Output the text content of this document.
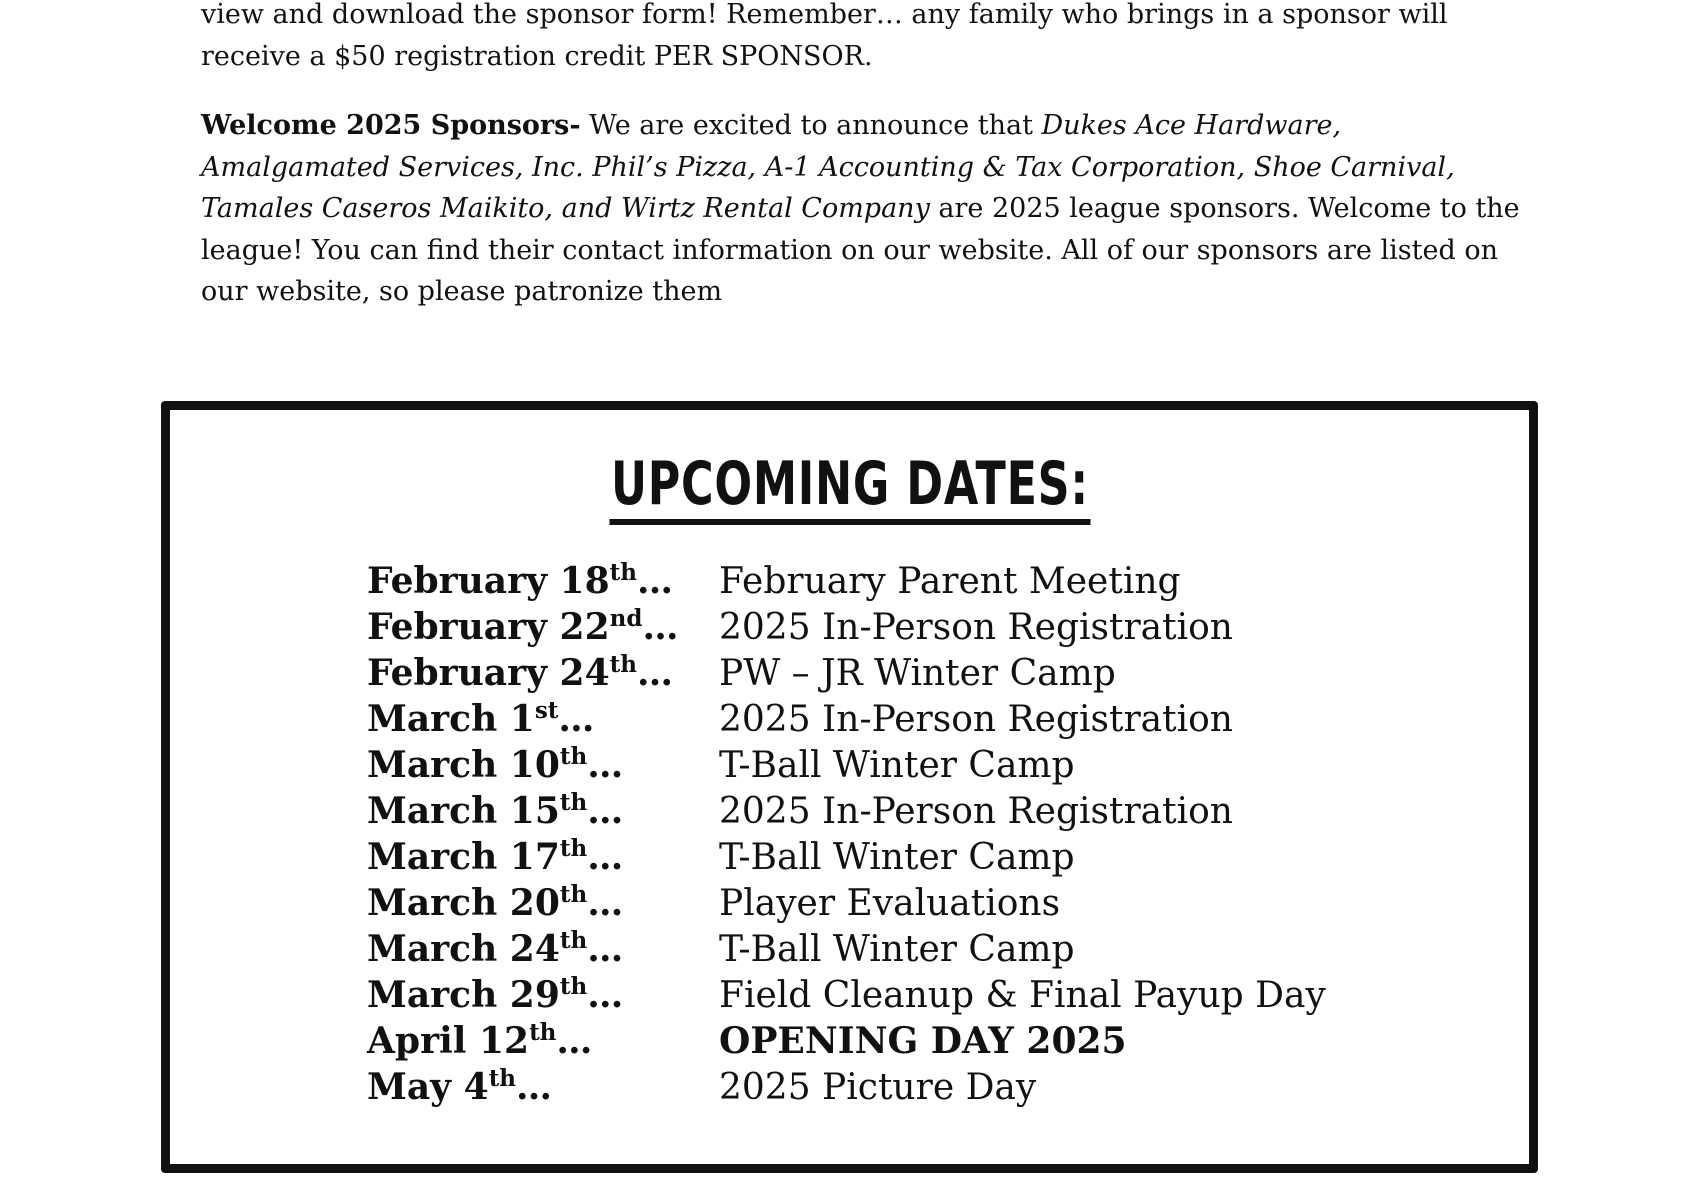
view and download the sponsor form! Remember… any family who brings in a sponsor will
receive a $50 registration credit PER SPONSOR.

Welcome 2025 Sponsors- We are excited to announce that Dukes Ace Hardware, Amalgamated Services, Inc. Phil’s Pizza, A-1 Accounting & Tax Corporation, Shoe Carnival, Tamales Caseros Maikito, and Wirtz Rental Company are 2025 league sponsors. Welcome to the league! You can find their contact information on our website. All of our sponsors are listed on our website, so please patronize them

UPCOMING DATES:
February 18th…	February Parent Meeting
February 22nd…	2025 In-Person Registration
February 24th…	PW – JR Winter Camp
March 1st…	2025 In-Person Registration
March 10th…	T-Ball Winter Camp
March 15th…	2025 In-Person Registration
March 17th…	T-Ball Winter Camp
March 20th…	Player Evaluations
March 24th…	T-Ball Winter Camp
March 29th…	Field Cleanup & Final Payup Day
April 12th…	OPENING DAY 2025
May 4th…	2025 Picture Day
